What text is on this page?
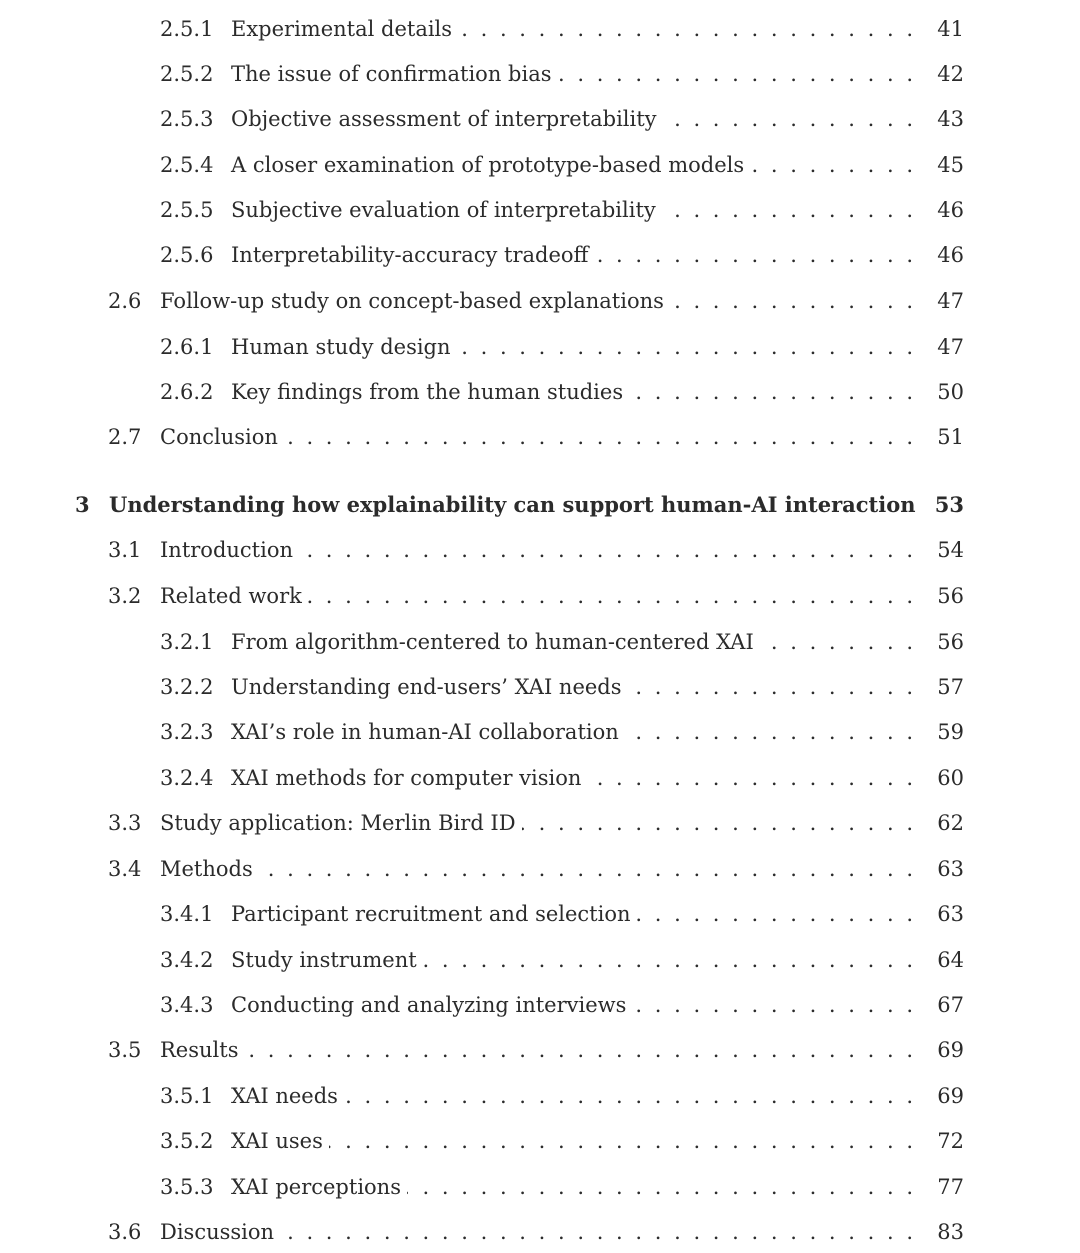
2.5.1 . . . Experimental details	41
2.5.2 . . . The issue of confirmation bias	42
2.5.3 . . . Objective assessment of interpretability	43
2.5.4 . . . A closer examination of prototype-based models	45
2.5.5 . . . Subjective evaluation of interpretability	46
2.5.6 . . . Interpretability-accuracy tradeoff	46
2.6 . . . Follow-up study on concept-based explanations	47
2.6.1 . . . Human study design	47
2.6.2 . . . Key findings from the human studies	50
2.7 . . . Conclusion	51
3 Understanding how explainability can support human-AI interaction 53
3.1 . . . Introduction	54
3.2 . . . Related work	56
3.2.1 . . . From algorithm-centered to human-centered XAI	56
3.2.2 . . . Understanding end-users’ XAI needs	57
3.2.3 . . . XAI’s role in human-AI collaboration	59
3.2.4 . . . XAI methods for computer vision	60
3.3 . . . Study application: Merlin Bird ID	62
3.4 . . . Methods	63
3.4.1 . . . Participant recruitment and selection	63
3.4.2 . . . Study instrument	64
3.4.3 . . . Conducting and analyzing interviews	67
3.5 . . . Results	69
3.5.1 . . . XAI needs	69
3.5.2 . . . XAI uses	72
3.5.3 . . . XAI perceptions	77
3.6 . . . Discussion	83
